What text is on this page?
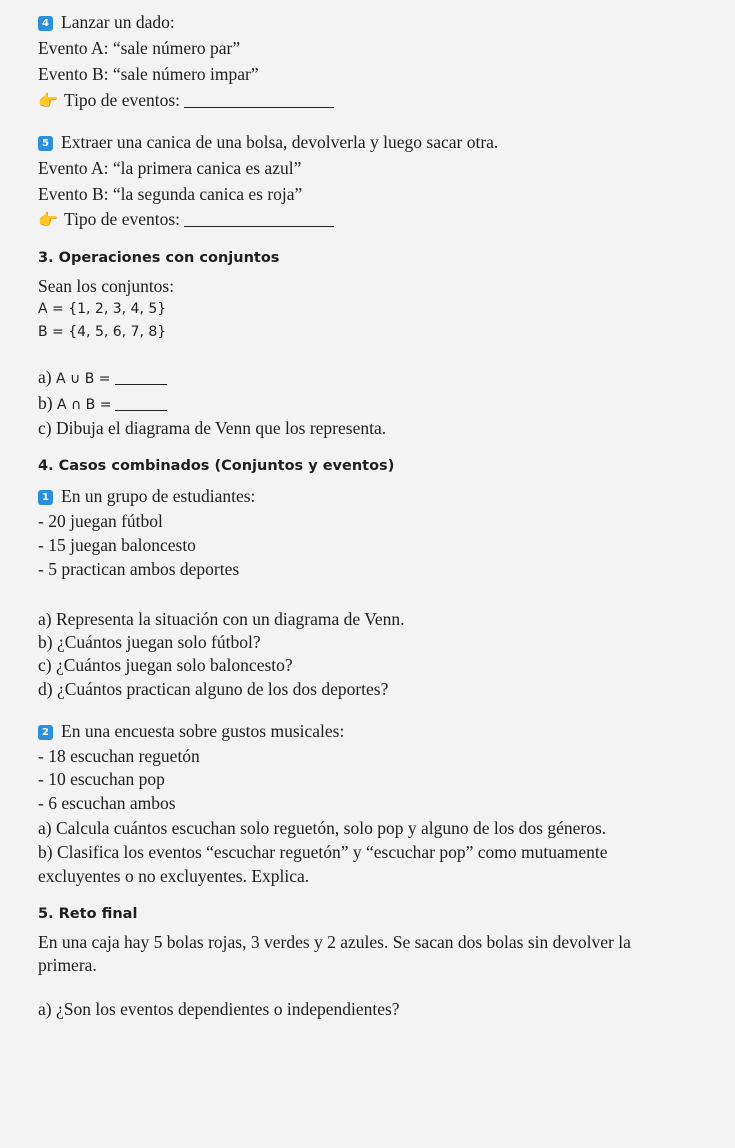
4 Lanzar un dado:
Evento A: “sale número par”
Evento B: “sale número impar”
👉 Tipo de eventos:
5 Extraer una canica de una bolsa, devolverla y luego sacar otra.
Evento A: “la primera canica es azul”
Evento B: “la segunda canica es roja”
👉 Tipo de eventos:
3. Operaciones con conjuntos
Sean los conjuntos:
A = {1, 2, 3, 4, 5}
B = {4, 5, 6, 7, 8}
a) A ∪ B =
b) A ∩ B =
c) Dibuja el diagrama de Venn que los representa.
4. Casos combinados (Conjuntos y eventos)
1 En un grupo de estudiantes:
- 20 juegan fútbol
- 15 juegan baloncesto
- 5 practican ambos deportes
a) Representa la situación con un diagrama de Venn.
b) ¿Cuántos juegan solo fútbol?
c) ¿Cuántos juegan solo baloncesto?
d) ¿Cuántos practican alguno de los dos deportes?
2 En una encuesta sobre gustos musicales:
- 18 escuchan reguetón
- 10 escuchan pop
- 6 escuchan ambos
a) Calcula cuántos escuchan solo reguetón, solo pop y alguno de los dos géneros.
b) Clasifica los eventos “escuchar reguetón” y “escuchar pop” como mutuamente
excluyentes o no excluyentes. Explica.
5. Reto final
En una caja hay 5 bolas rojas, 3 verdes y 2 azules. Se sacan dos bolas sin devolver la
primera.
a) ¿Son los eventos dependientes o independientes?
